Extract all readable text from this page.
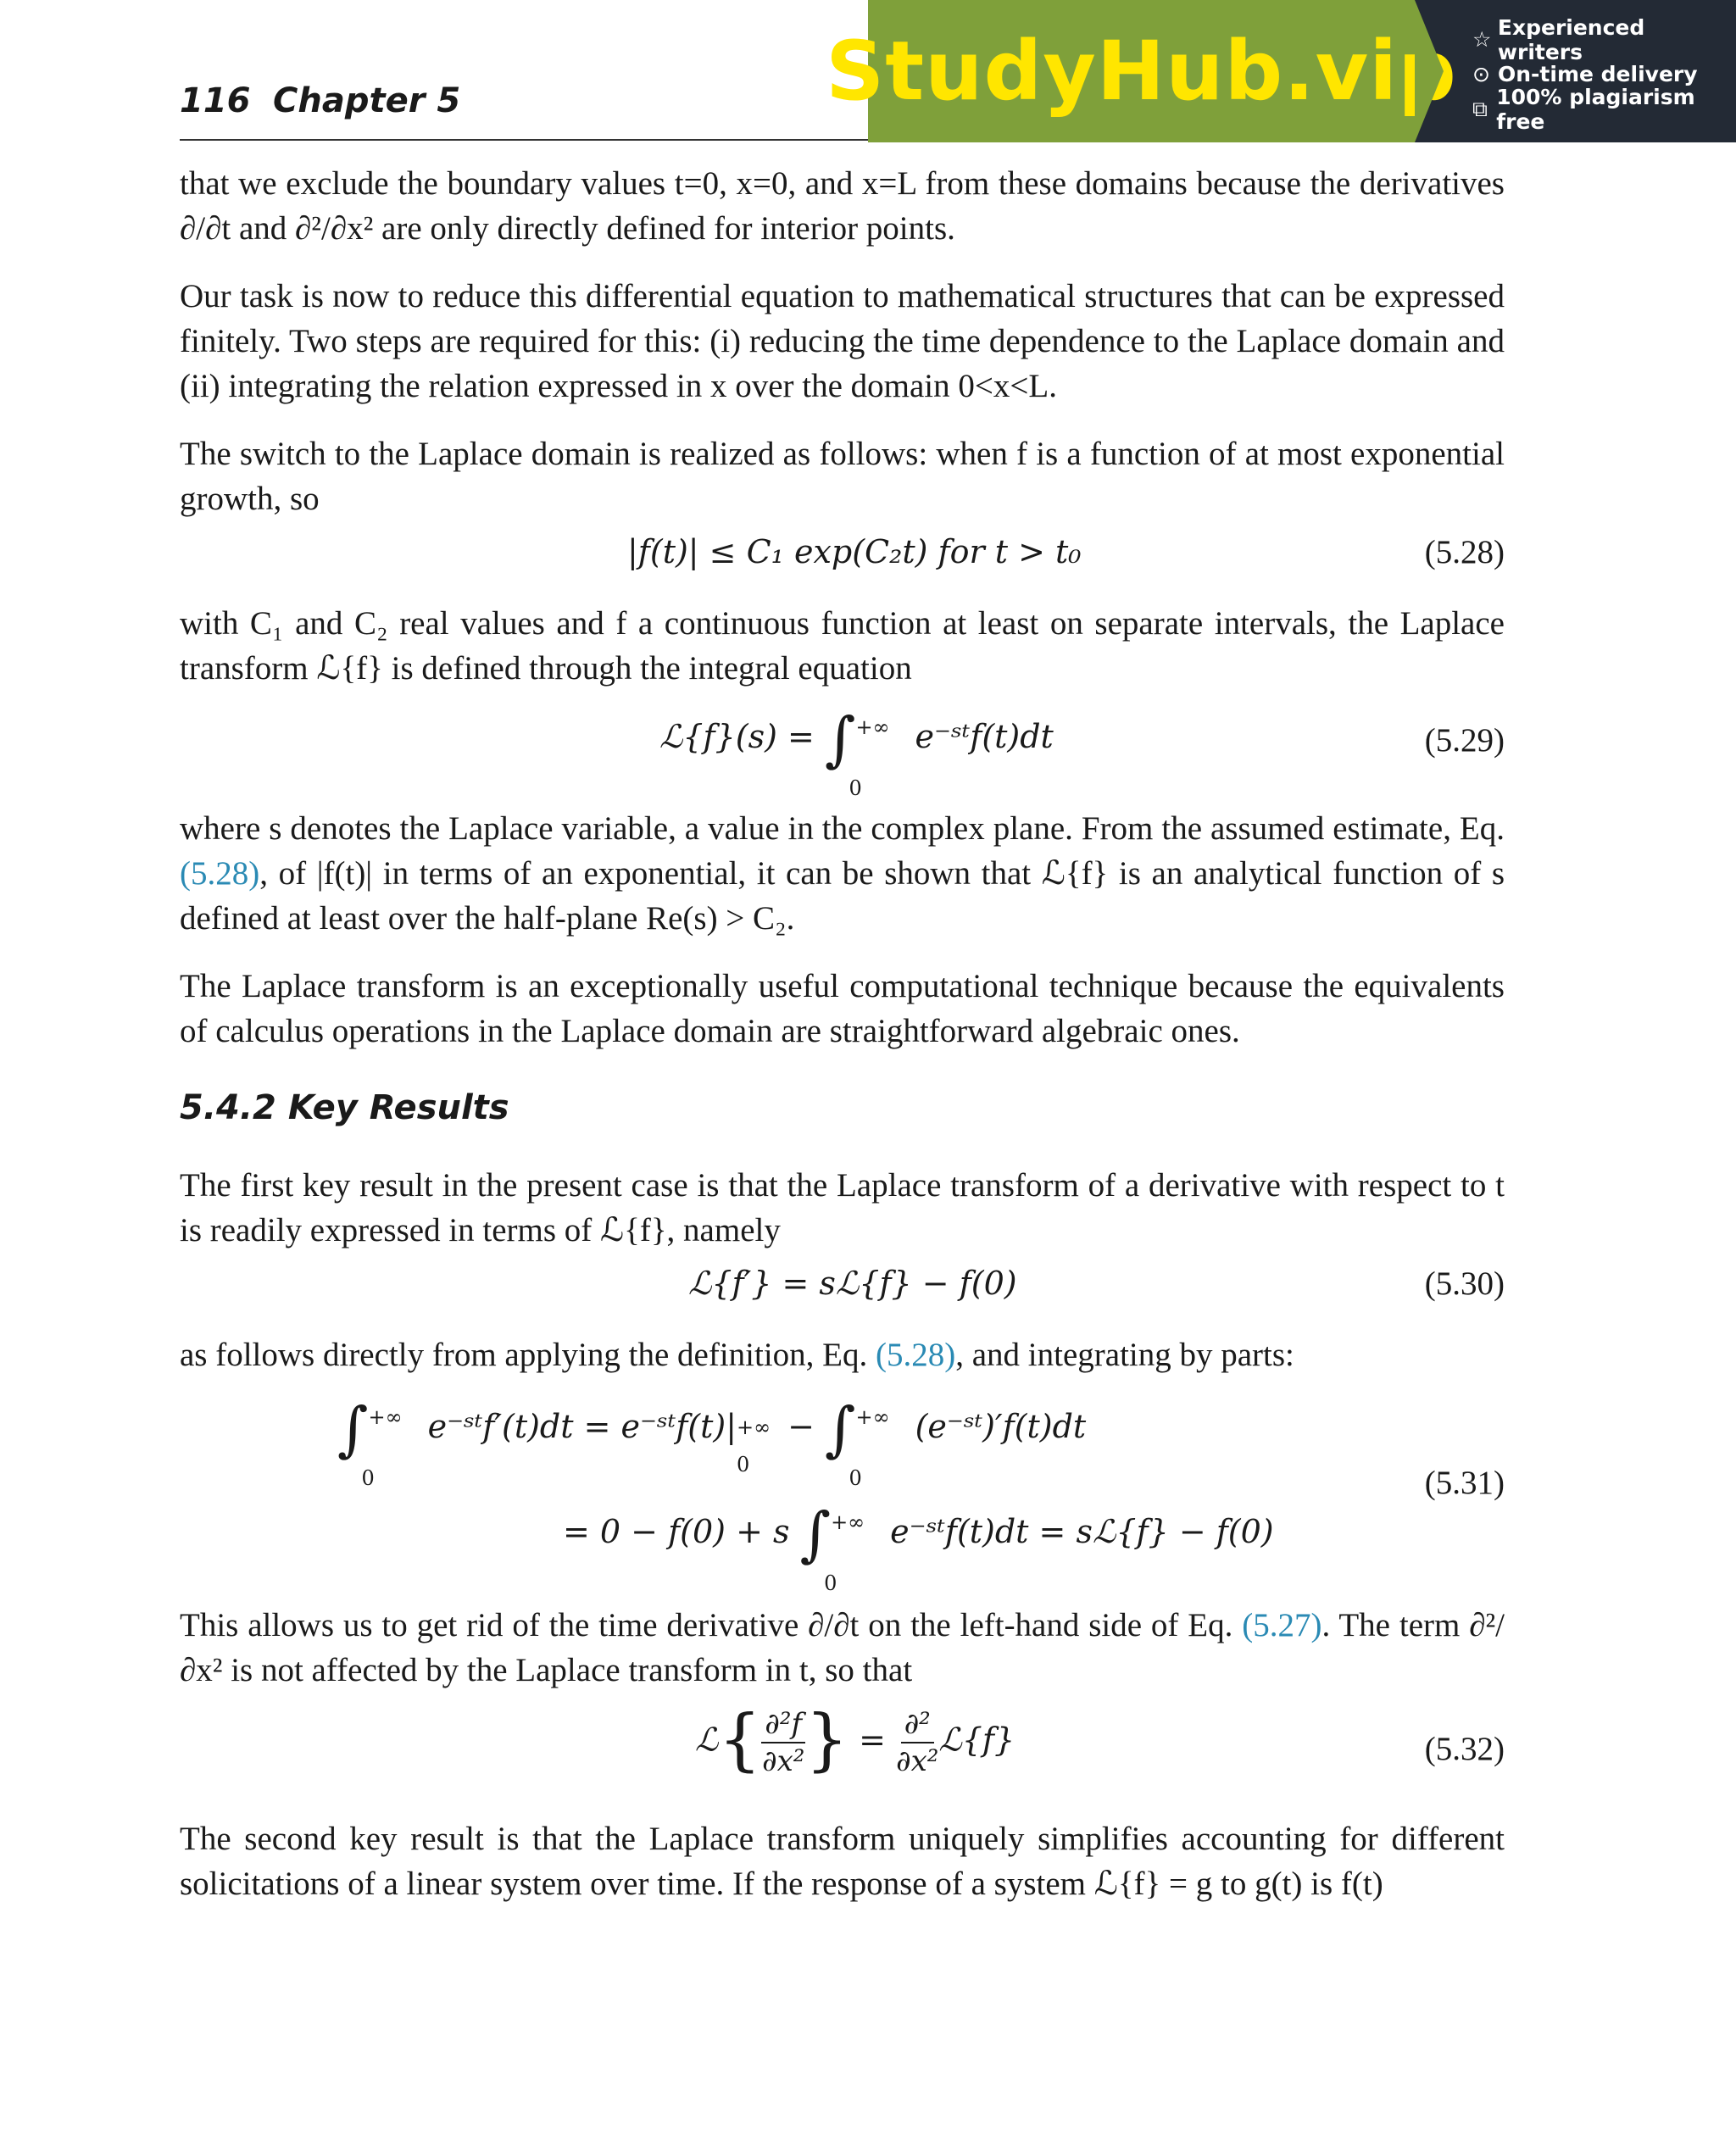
116 Chapter 5	StudyHub.vip ☆ Experienced writers
⊙ On-time delivery
⧉ 100% plagiarism free

that we exclude the boundary values t=0, x=0, and x=L from these domains because the derivatives ∂/∂t and ∂²/∂x² are only directly defined for interior points.

Our task is now to reduce this differential equation to mathematical structures that can be expressed finitely. Two steps are required for this: (i) reducing the time dependence to the Laplace domain and (ii) integrating the relation expressed in x over the domain 0<x<L.

The switch to the Laplace domain is realized as follows: when f is a function of at most exponential growth, so

|f(t)| ≤ C₁ exp(C₂t) for t > t₀	(5.28)

with C₁ and C₂ real values and f a continuous function at least on separate intervals, the Laplace transform ℒ{f} is defined through the integral equation

ℒ{f}(s) = ∫ +∞
0
e⁻ˢᵗf(t)dt	(5.29)

where s denotes the Laplace variable, a value in the complex plane. From the assumed estimate, Eq. (5.28), of |f(t)| in terms of an exponential, it can be shown that ℒ{f} is an analytical function of s defined at least over the half-plane Re(s) > C₂.

The Laplace transform is an exceptionally useful computational technique because the equivalents of calculus operations in the Laplace domain are straightforward algebraic ones.

5.4.2 Key Results

The first key result in the present case is that the Laplace transform of a derivative with respect to t is readily expressed in terms of ℒ{f}, namely

ℒ{f′} = sℒ{f} − f(0)	(5.30)

as follows directly from applying the definition, Eq. (5.28), and integrating by parts:

∫ +∞
0
e⁻ˢᵗf′(t)dt = e⁻ˢᵗf(t)| +∞
0
− ∫ +∞
0
(e⁻ˢᵗ)′f(t)dt
= 0 − f(0) + s ∫ +∞
0
e⁻ˢᵗf(t)dt = sℒ{f} − f(0)
(5.31)

This allows us to get rid of the time derivative ∂/∂t on the left-hand side of Eq. (5.27). The term ∂²/∂x² is not affected by the Laplace transform in t, so that

ℒ{ $\frac{\text{∂²f}}{\text{∂x²}}$ } = $\frac{\text{∂²}}{\text{∂x²}}$ ℒ{f}	(5.32)

The second key result is that the Laplace transform uniquely simplifies accounting for different solicitations of a linear system over time. If the response of a system ℒ{f} = g to g(t) is f(t)
